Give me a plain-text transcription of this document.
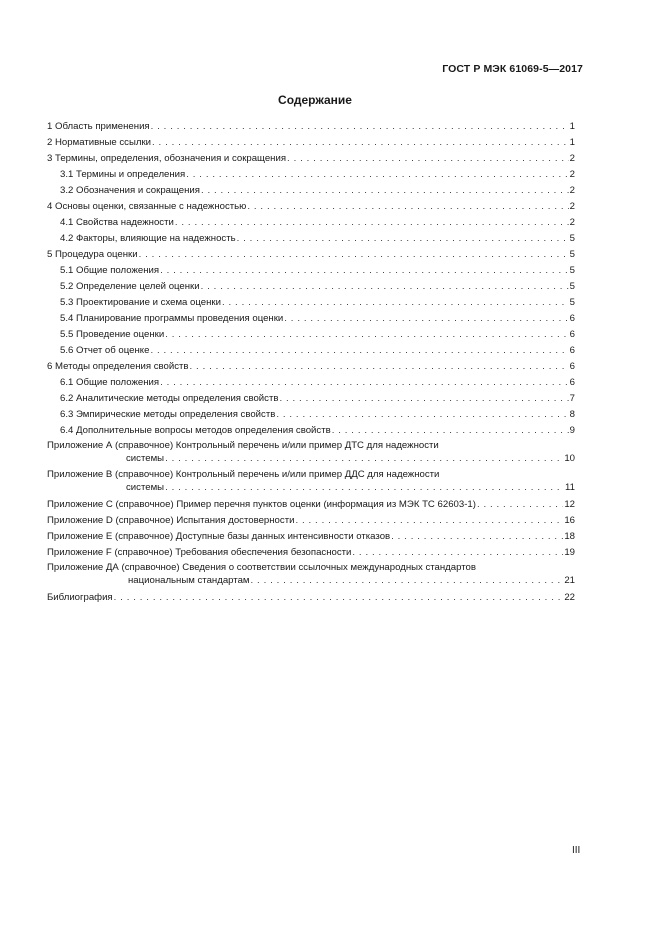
ГОСТ Р МЭК 61069-5—2017
Содержание
1 Область применения . . .	1
2 Нормативные ссылки . . .	1
3 Термины, определения, обозначения и сокращения . . .	2
3.1 Термины и определения . . .	2
3.2 Обозначения и сокращения . . .	2
4 Основы оценки, связанные с надежностью . . .	2
4.1 Свойства надежности . . .	2
4.2 Факторы, влияющие на надежность . . .	5
5 Процедура оценки . . .	5
5.1 Общие положения . . .	5
5.2 Определение целей оценки . . .	5
5.3 Проектирование и схема оценки . . .	5
5.4 Планирование программы проведения оценки . . .	6
5.5 Проведение оценки . . .	6
5.6 Отчет об оценке . . .	6
6 Методы определения свойств . . .	6
6.1 Общие положения . . .	6
6.2 Аналитические методы определения свойств . . .	7
6.3 Эмпирические методы определения свойств . . .	8
6.4 Дополнительные вопросы методов определения свойств . . .	9
Приложение А (справочное) Контрольный перечень и/или пример ДТС для надежности
системы . . .	10
Приложение В (справочное) Контрольный перечень и/или пример ДДС для надежности
системы . . .	11
Приложение С (справочное) Пример перечня пунктов оценки (информация из МЭК ТС 62603-1) . . .	12
Приложение D (справочное) Испытания достоверности . . .	16
Приложение Е (справочное) Доступные базы данных интенсивности отказов . . .	18
Приложение F (справочное) Требования обеспечения безопасности . . .	19
Приложение ДА (справочное) Сведения о соответствии ссылочных международных стандартов
национальным стандартам . . .	21
Библиография . . .	22
III
